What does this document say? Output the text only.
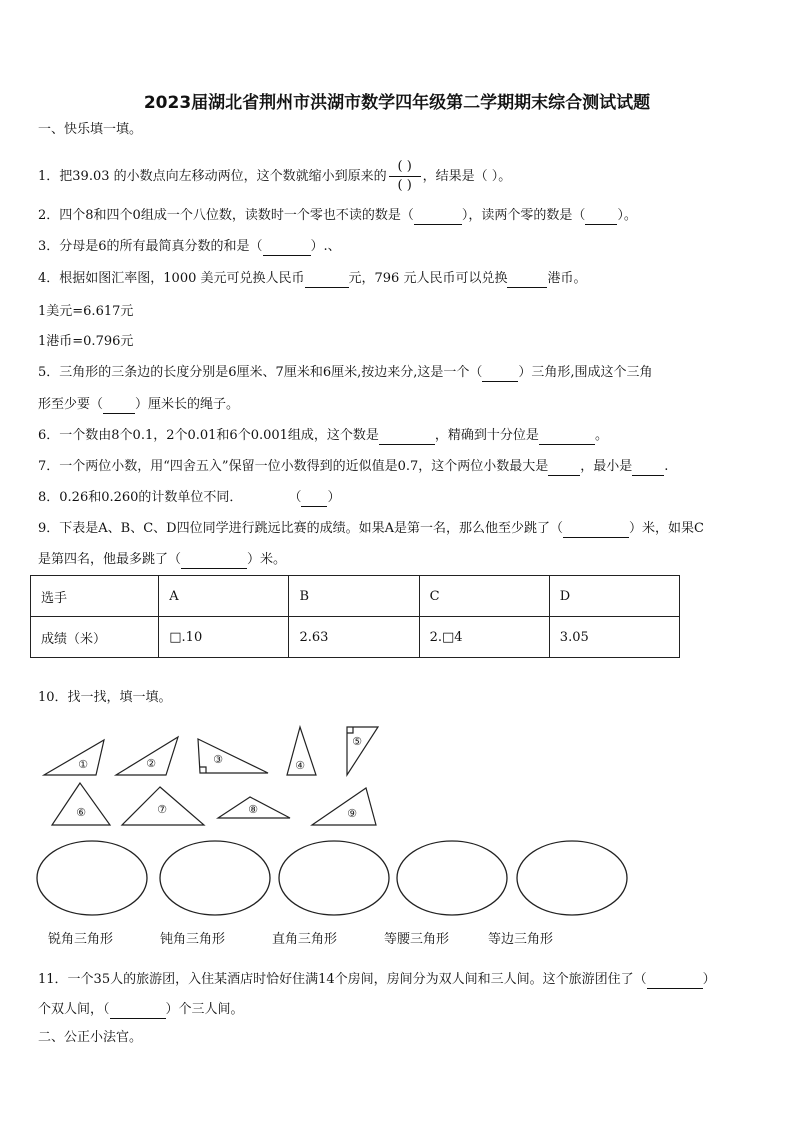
2023届湖北省荆州市洪湖市数学四年级第二学期期末综合测试试题
一、快乐填一填。
1．把39.03 的小数点向左移动两位，这个数就缩小到原来的 $\frac{( )}{( )}$ ，结果是（ ）。
2．四个8和四个0组成一个八位数，读数时一个零也不读的数是（	），读两个零的数是（ ）。
3．分母是6的所有最简真分数的和是（	）.、
4．根据如图汇率图，1000 美元可兑换人民币	元，796 元人民币可以兑换	港币。
1美元=6.617元
1港币=0.796元
5．三角形的三条边的长度分别是6厘米、7厘米和6厘米,按边来分,这是一个（	）三角形,围成这个三角
形至少要（ ）厘米长的绳子。
6．一个数由8个0.1，2个0.01和6个0.001组成，这个数是	，精确到十分位是	。
7．一个两位小数，用“四舍五入”保留一位小数得到的近似值是0.7，这个两位小数最大是 ，最小是 .
8．0.26和0.260的计数单位不同．	（ ）
9．下表是A、B、C、D四位同学进行跳远比赛的成绩。如果A是第一名，那么他至少跳了（	）米，如果C
是第四名，他最多跳了（	）米。
选手	A	B	C	D
成绩（米）	□.10	2.63	2.□4	3.05
10．找一找，填一填。
①	②	③	④
⑤
⑥	⑦	⑧	⑨
锐角三角形	钝角三角形	直角三角形	等腰三角形	等边三角形
11．一个35人的旅游团，入住某酒店时恰好住满14个房间，房间分为双人间和三人间。这个旅游团住了（	）
个双人间，（	）个三人间。
二、公正小法官。
